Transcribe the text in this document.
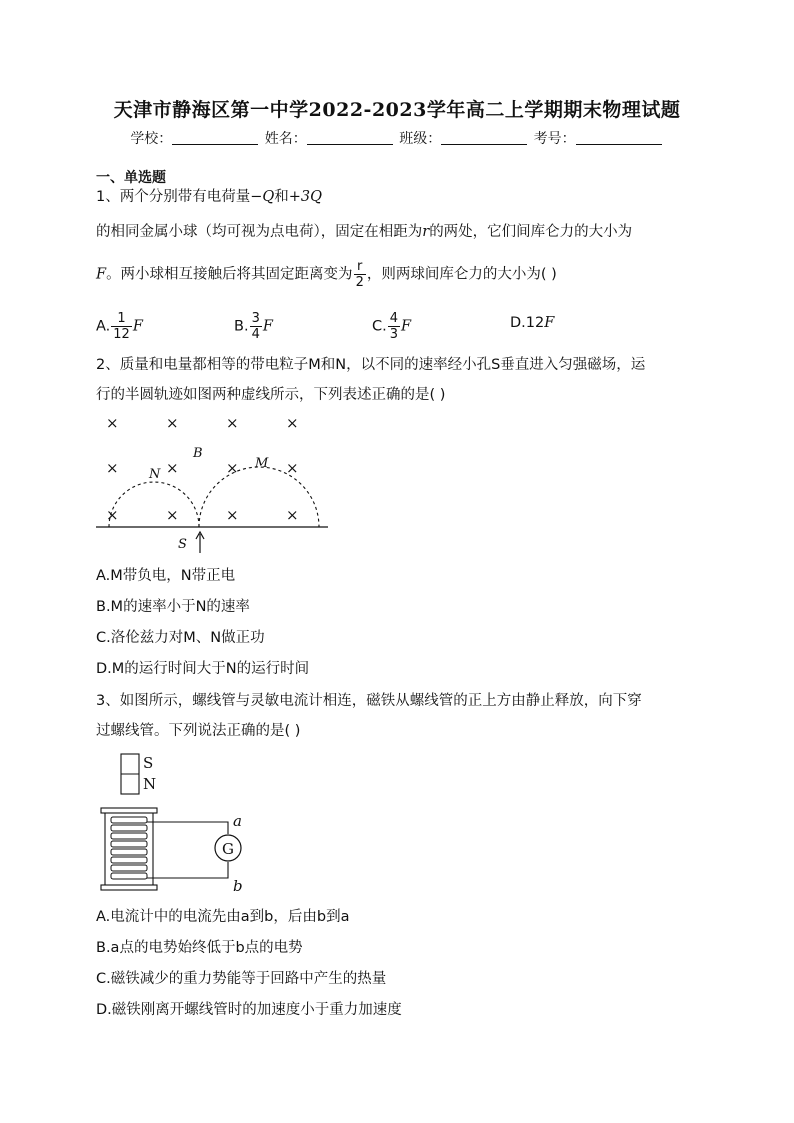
天津市静海区第一中学2022-2023学年高二上学期期末物理试题
学校：	姓名：	班级：	考号：
一、单选题
1、两个分别带有电荷量−Q和+3Q
的相同金属小球（均可视为点电荷），固定在相距为r的两处，它们间库仑力的大小为
F。两小球相互接触后将其固定距离变为 $\frac{r}{2}$ ，则两球间库仑力的大小为( )
A. $\frac{1}{12}$ F	B. $\frac{3}{4}$ F	C. $\frac{4}{3}$ F	D.12F
2、质量和电量都相等的带电粒子M和N，以不同的速率经小孔S垂直进入匀强磁场，运
行的半圆轨迹如图两种虚线所示，下列表述正确的是( )
×	×	×	×
×	×	×	×
×	×	×	×
B
N
M
S
A.M带负电，N带正电
B.M的速率小于N的速率
C.洛伦兹力对M、N做正功
D.M的运行时间大于N的运行时间
3、如图所示，螺线管与灵敏电流计相连，磁铁从螺线管的正上方由静止释放，向下穿
过螺线管。下列说法正确的是( )
S
N
G
a
b
A.电流计中的电流先由a到b，后由b到a
B.a点的电势始终低于b点的电势
C.磁铁减少的重力势能等于回路中产生的热量
D.磁铁刚离开螺线管时的加速度小于重力加速度
